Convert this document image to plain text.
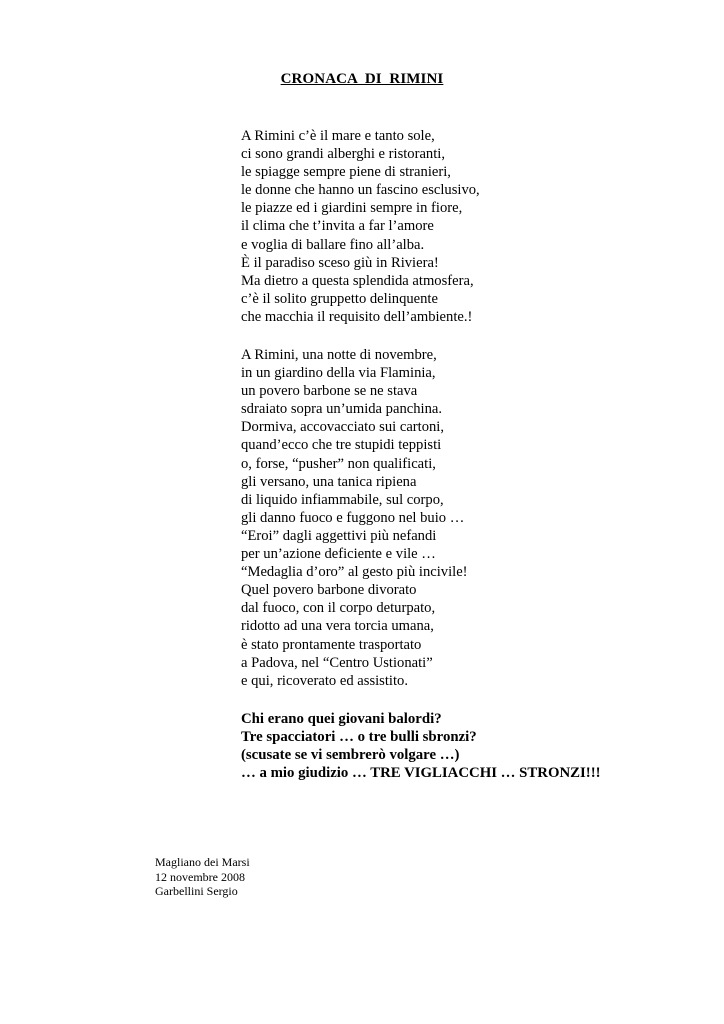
CRONACA  DI  RIMINI
A Rimini c’è il mare e tanto sole,
ci sono grandi alberghi e ristoranti,
le spiagge sempre piene di stranieri,
le donne che hanno un fascino esclusivo,
le piazze ed i giardini sempre in fiore,
il clima che t’invita a far l’amore
e voglia di ballare fino all’alba.
È il paradiso sceso giù in Riviera!
Ma dietro a questa splendida atmosfera,
c’è il solito gruppetto delinquente
che macchia il requisito dell’ambiente.!
A Rimini, una notte di novembre,
in un giardino della via Flaminia,
un povero barbone se ne stava
sdraiato sopra un’umida panchina.
Dormiva, accovacciato sui cartoni,
quand’ecco che tre stupidi teppisti
o, forse, “pusher” non qualificati,
gli versano, una tanica ripiena
di liquido infiammabile, sul corpo,
gli danno fuoco e fuggono nel buio …
“Eroi” dagli aggettivi più nefandi
per un’azione deficiente e vile …
“Medaglia d’oro” al gesto più incivile!
Quel povero barbone divorato
dal fuoco, con il corpo deturpato,
ridotto ad una vera torcia umana,
è stato prontamente trasportato
a Padova, nel “Centro Ustionati”
e qui, ricoverato ed assistito.
Chi erano quei giovani balordi?
Tre spacciatori … o tre bulli sbronzi?
(scusate se vi sembrerò volgare …)
… a mio giudizio … TRE VIGLIACCHI … STRONZI!!!
Magliano dei Marsi
12 novembre 2008
Garbellini Sergio
